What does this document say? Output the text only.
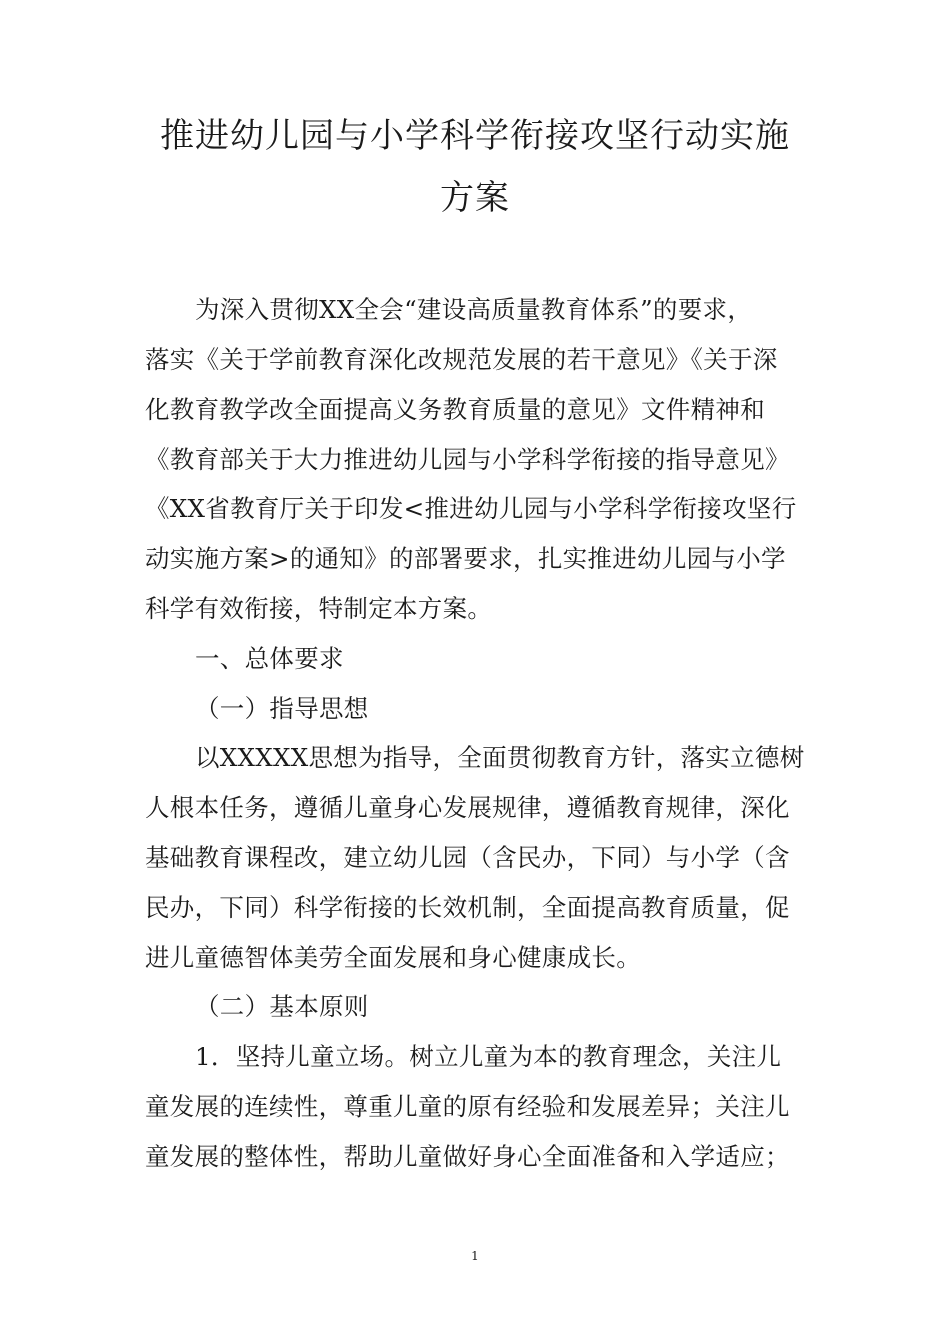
推进幼儿园与小学科学衔接攻坚行动实施
方案
为深入贯彻XX全会“建设高质量教育体系”的要求，
落实《关于学前教育深化改规范发展的若干意见》《关于深
化教育教学改全面提高义务教育质量的意见》文件精神和
《教育部关于大力推进幼儿园与小学科学衔接的指导意见》
《XX省教育厅关于印发<推进幼儿园与小学科学衔接攻坚行
动实施方案>的通知》的部署要求，扎实推进幼儿园与小学
科学有效衔接，特制定本方案。
一、总体要求
（一）指导思想
以XXXXX思想为指导，全面贯彻教育方针，落实立德树
人根本任务，遵循儿童身心发展规律，遵循教育规律，深化
基础教育课程改，建立幼儿园（含民办，下同）与小学（含
民办，下同）科学衔接的长效机制，全面提高教育质量，促
进儿童德智体美劳全面发展和身心健康成长。
（二）基本原则
1．坚持儿童立场。树立儿童为本的教育理念，关注儿
童发展的连续性，尊重儿童的原有经验和发展差异；关注儿
童发展的整体性，帮助儿童做好身心全面准备和入学适应；
1
